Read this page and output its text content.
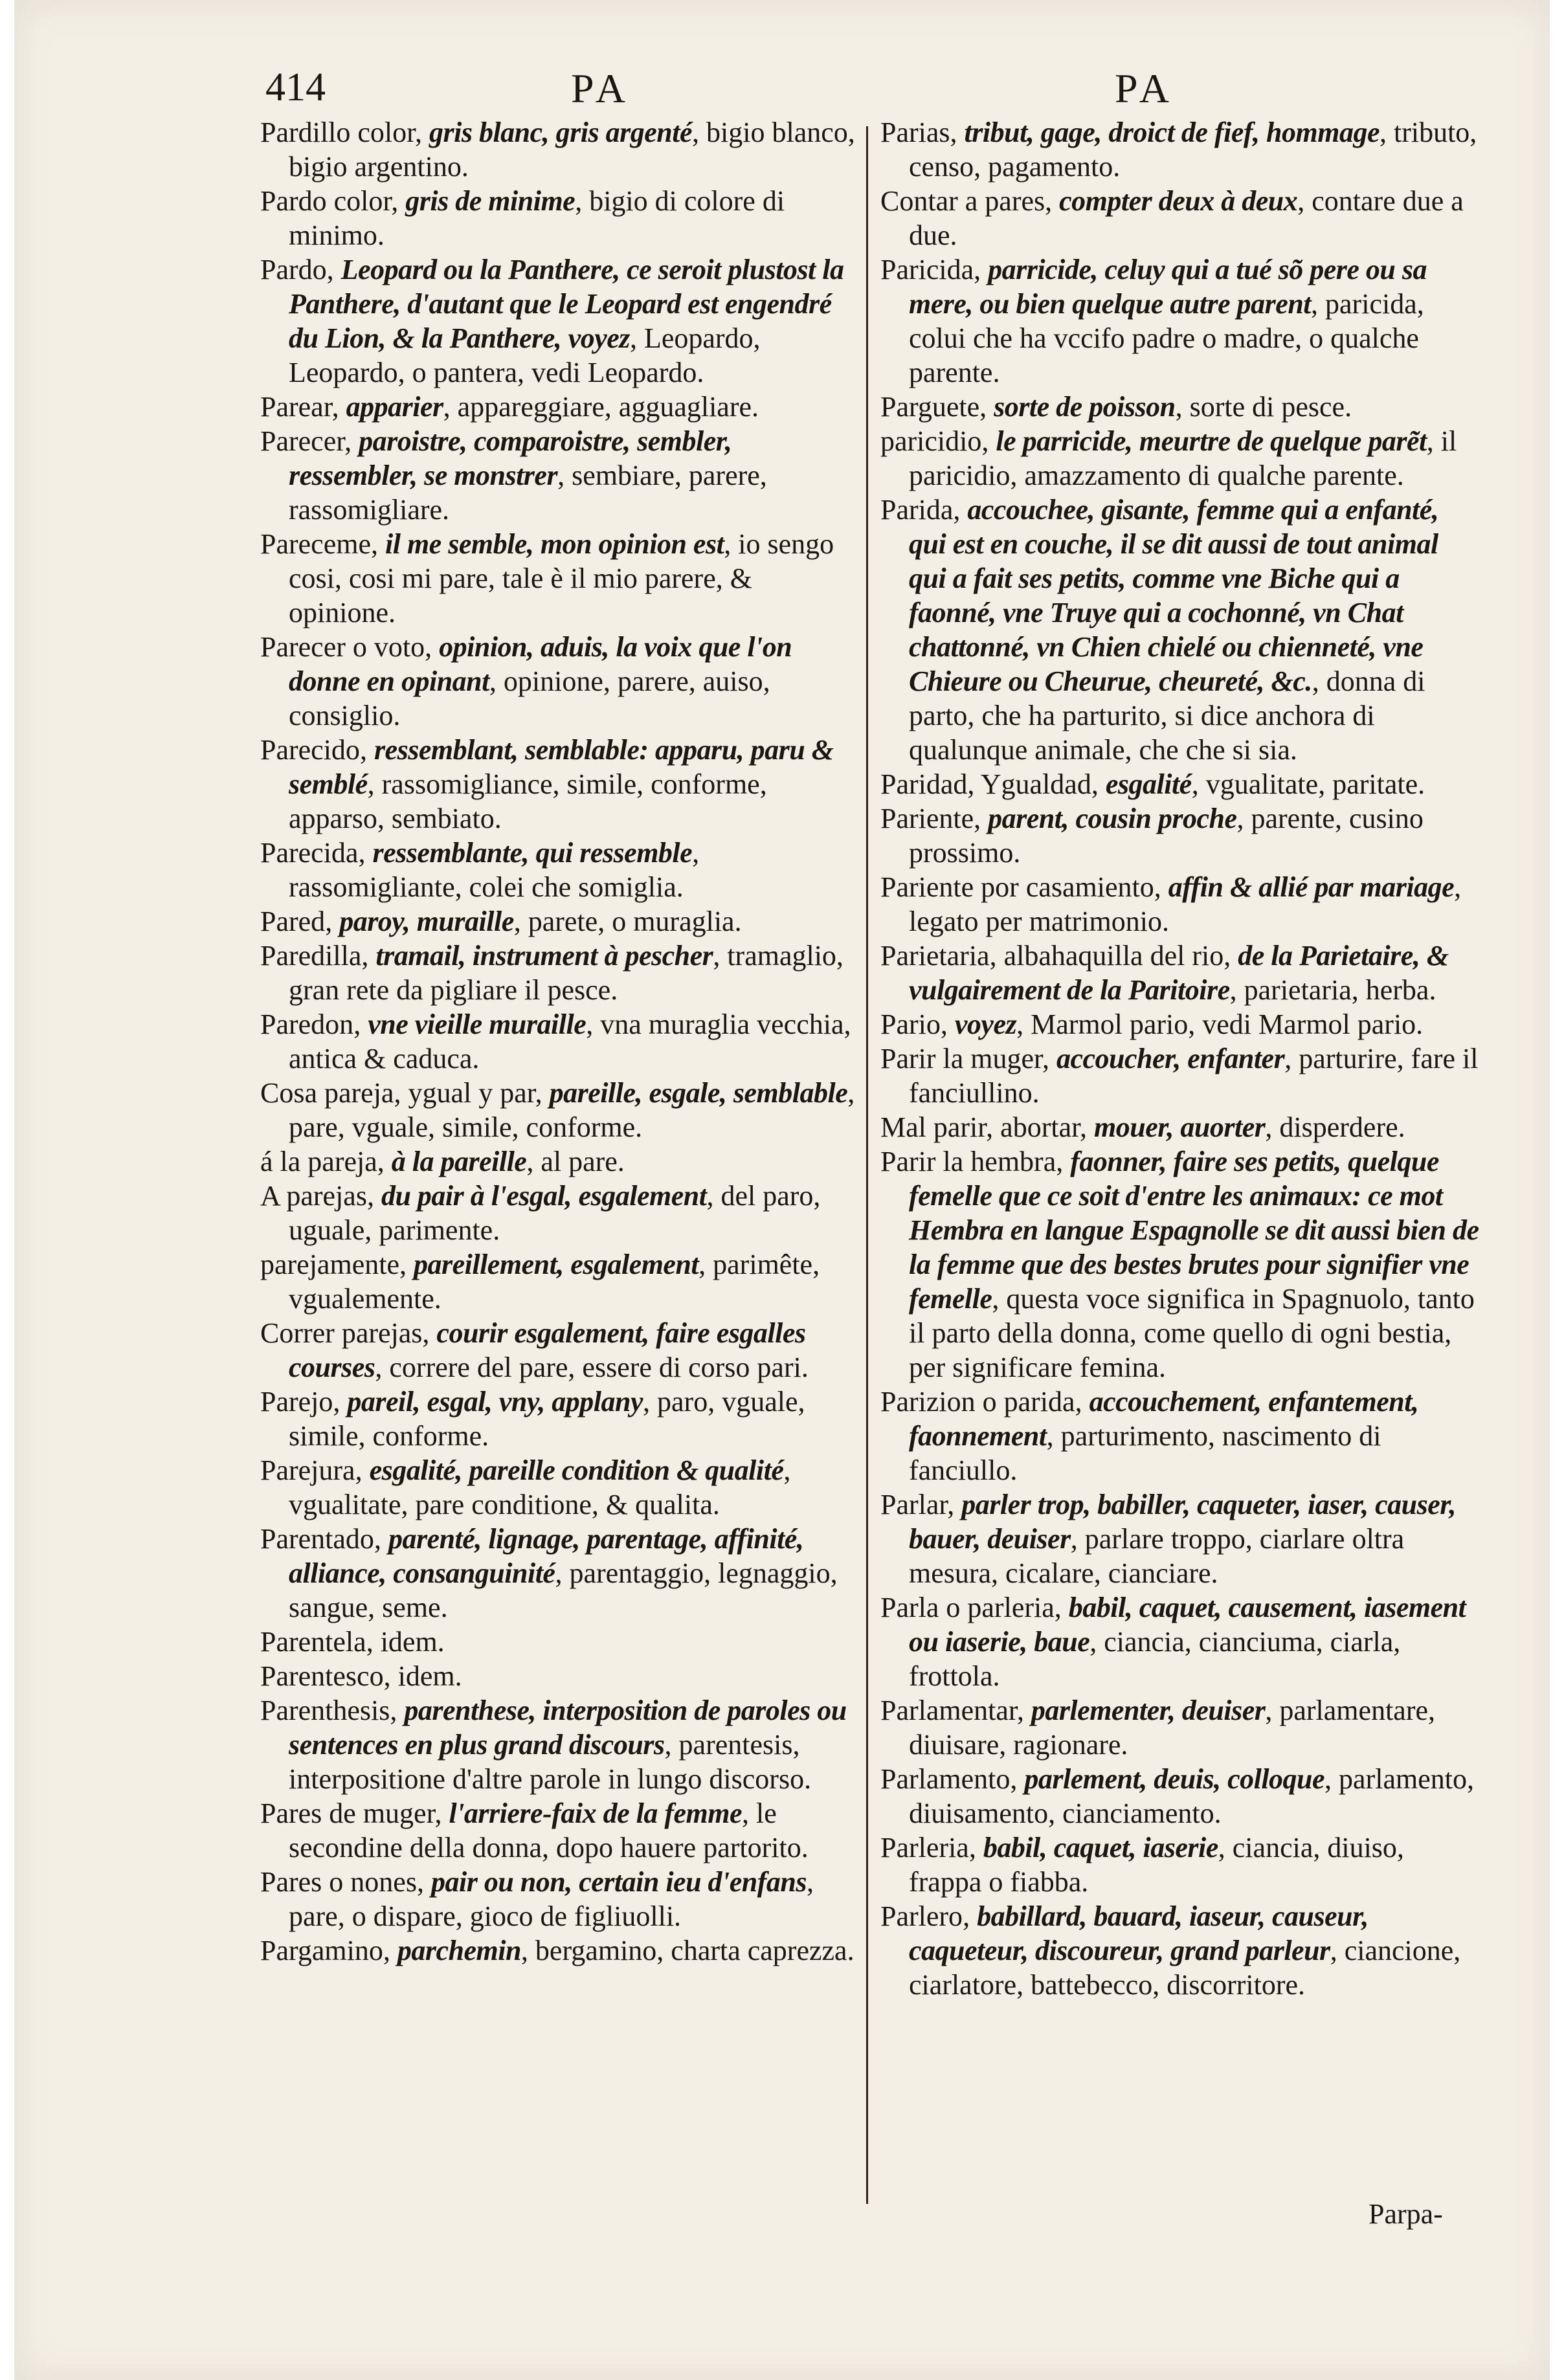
414	PA	PA

Pardillo color, gris blanc, gris argenté, bigio blanco, bigio argentino.

Pardo color, gris de minime, bigio di colore di minimo.

Pardo, Leopard ou la Panthere, ce seroit plustost la Panthere, d'autant que le Leopard est engendré du Lion, & la Panthere, voyez, Leopardo, Leopardo, o pantera, vedi Leopardo.

Parear, apparier, appareggiare, agguagliare.

Parecer, paroistre, comparoistre, sembler, ressembler, se monstrer, sembiare, parere, rassomigliare.

Pareceme, il me semble, mon opinion est, io sengo cosi, cosi mi pare, tale è il mio parere, & opinione.

Parecer o voto, opinion, aduis, la voix que l'on donne en opinant, opinione, parere, auiso, consiglio.

Parecido, ressemblant, semblable: apparu, paru & semblé, rassomigliance, simile, conforme, apparso, sembiato.

Parecida, ressemblante, qui ressemble, rassomigliante, colei che somiglia.

Pared, paroy, muraille, parete, o muraglia.

Paredilla, tramail, instrument à pescher, tramaglio, gran rete da pigliare il pesce.

Paredon, vne vieille muraille, vna muraglia vecchia, antica & caduca.

Cosa pareja, ygual y par, pareille, esgale, semblable, pare, vguale, simile, conforme.

á la pareja, à la pareille, al pare.

A parejas, du pair à l'esgal, esgalement, del paro, uguale, parimente.

parejamente, pareillement, esgalement, parimête, vgualemente.

Correr parejas, courir esgalement, faire esgalles courses, correre del pare, essere di corso pari.

Parejo, pareil, esgal, vny, applany, paro, vguale, simile, conforme.

Parejura, esgalité, pareille condition & qualité, vgualitate, pare conditione, & qualita.

Parentado, parenté, lignage, parentage, affinité, alliance, consanguinité, parentaggio, legnaggio, sangue, seme.

Parentela, idem.

Parentesco, idem.

Parenthesis, parenthese, interposition de paroles ou sentences en plus grand discours, parentesis, interpositione d'altre parole in lungo discorso.

Pares de muger, l'arriere-faix de la femme, le secondine della donna, dopo hauere partorito.

Pares o nones, pair ou non, certain ieu d'enfans, pare, o dispare, gioco de figliuolli.

Pargamino, parchemin, bergamino, charta caprezza.

Parias, tribut, gage, droict de fief, hommage, tributo, censo, pagamento.

Contar a pares, compter deux à deux, contare due a due.

Paricida, parricide, celuy qui a tué sõ pere ou sa mere, ou bien quelque autre parent, paricida, colui che ha vccifo padre o madre, o qualche parente.

Parguete, sorte de poisson, sorte di pesce.

paricidio, le parricide, meurtre de quelque parẽt, il paricidio, amazzamento di qualche parente.

Parida, accouchee, gisante, femme qui a enfanté, qui est en couche, il se dit aussi de tout animal qui a fait ses petits, comme vne Biche qui a faonné, vne Truye qui a cochonné, vn Chat chattonné, vn Chien chielé ou chienneté, vne Chieure ou Cheurue, cheureté, &c., donna di parto, che ha parturito, si dice anchora di qualunque animale, che che si sia.

Paridad, Ygualdad, esgalité, vgualitate, paritate.

Pariente, parent, cousin proche, parente, cusino prossimo.

Pariente por casamiento, affin & allié par mariage, legato per matrimonio.

Parietaria, albahaquilla del rio, de la Parietaire, & vulgairement de la Paritoire, parietaria, herba.

Pario, voyez, Marmol pario, vedi Marmol pario.

Parir la muger, accoucher, enfanter, parturire, fare il fanciullino.

Mal parir, abortar, mouer, auorter, disperdere.

Parir la hembra, faonner, faire ses petits, quelque femelle que ce soit d'entre les animaux: ce mot Hembra en langue Espagnolle se dit aussi bien de la femme que des bestes brutes pour signifier vne femelle, questa voce significa in Spagnuolo, tanto il parto della donna, come quello di ogni bestia, per significare femina.

Parizion o parida, accouchement, enfantement, faonnement, parturimento, nascimento di fanciullo.

Parlar, parler trop, babiller, caqueter, iaser, causer, bauer, deuiser, parlare troppo, ciarlare oltra mesura, cicalare, cianciare.

Parla o parleria, babil, caquet, causement, iasement ou iaserie, baue, ciancia, cianciuma, ciarla, frottola.

Parlamentar, parlementer, deuiser, parlamentare, diuisare, ragionare.

Parlamento, parlement, deuis, colloque, parlamento, diuisamento, cianciamento.

Parleria, babil, caquet, iaserie, ciancia, diuiso, frappa o fiabba.

Parlero, babillard, bauard, iaseur, causeur, caqueteur, discoureur, grand parleur, ciancione, ciarlatore, battebecco, discorritore.

Parpa-
